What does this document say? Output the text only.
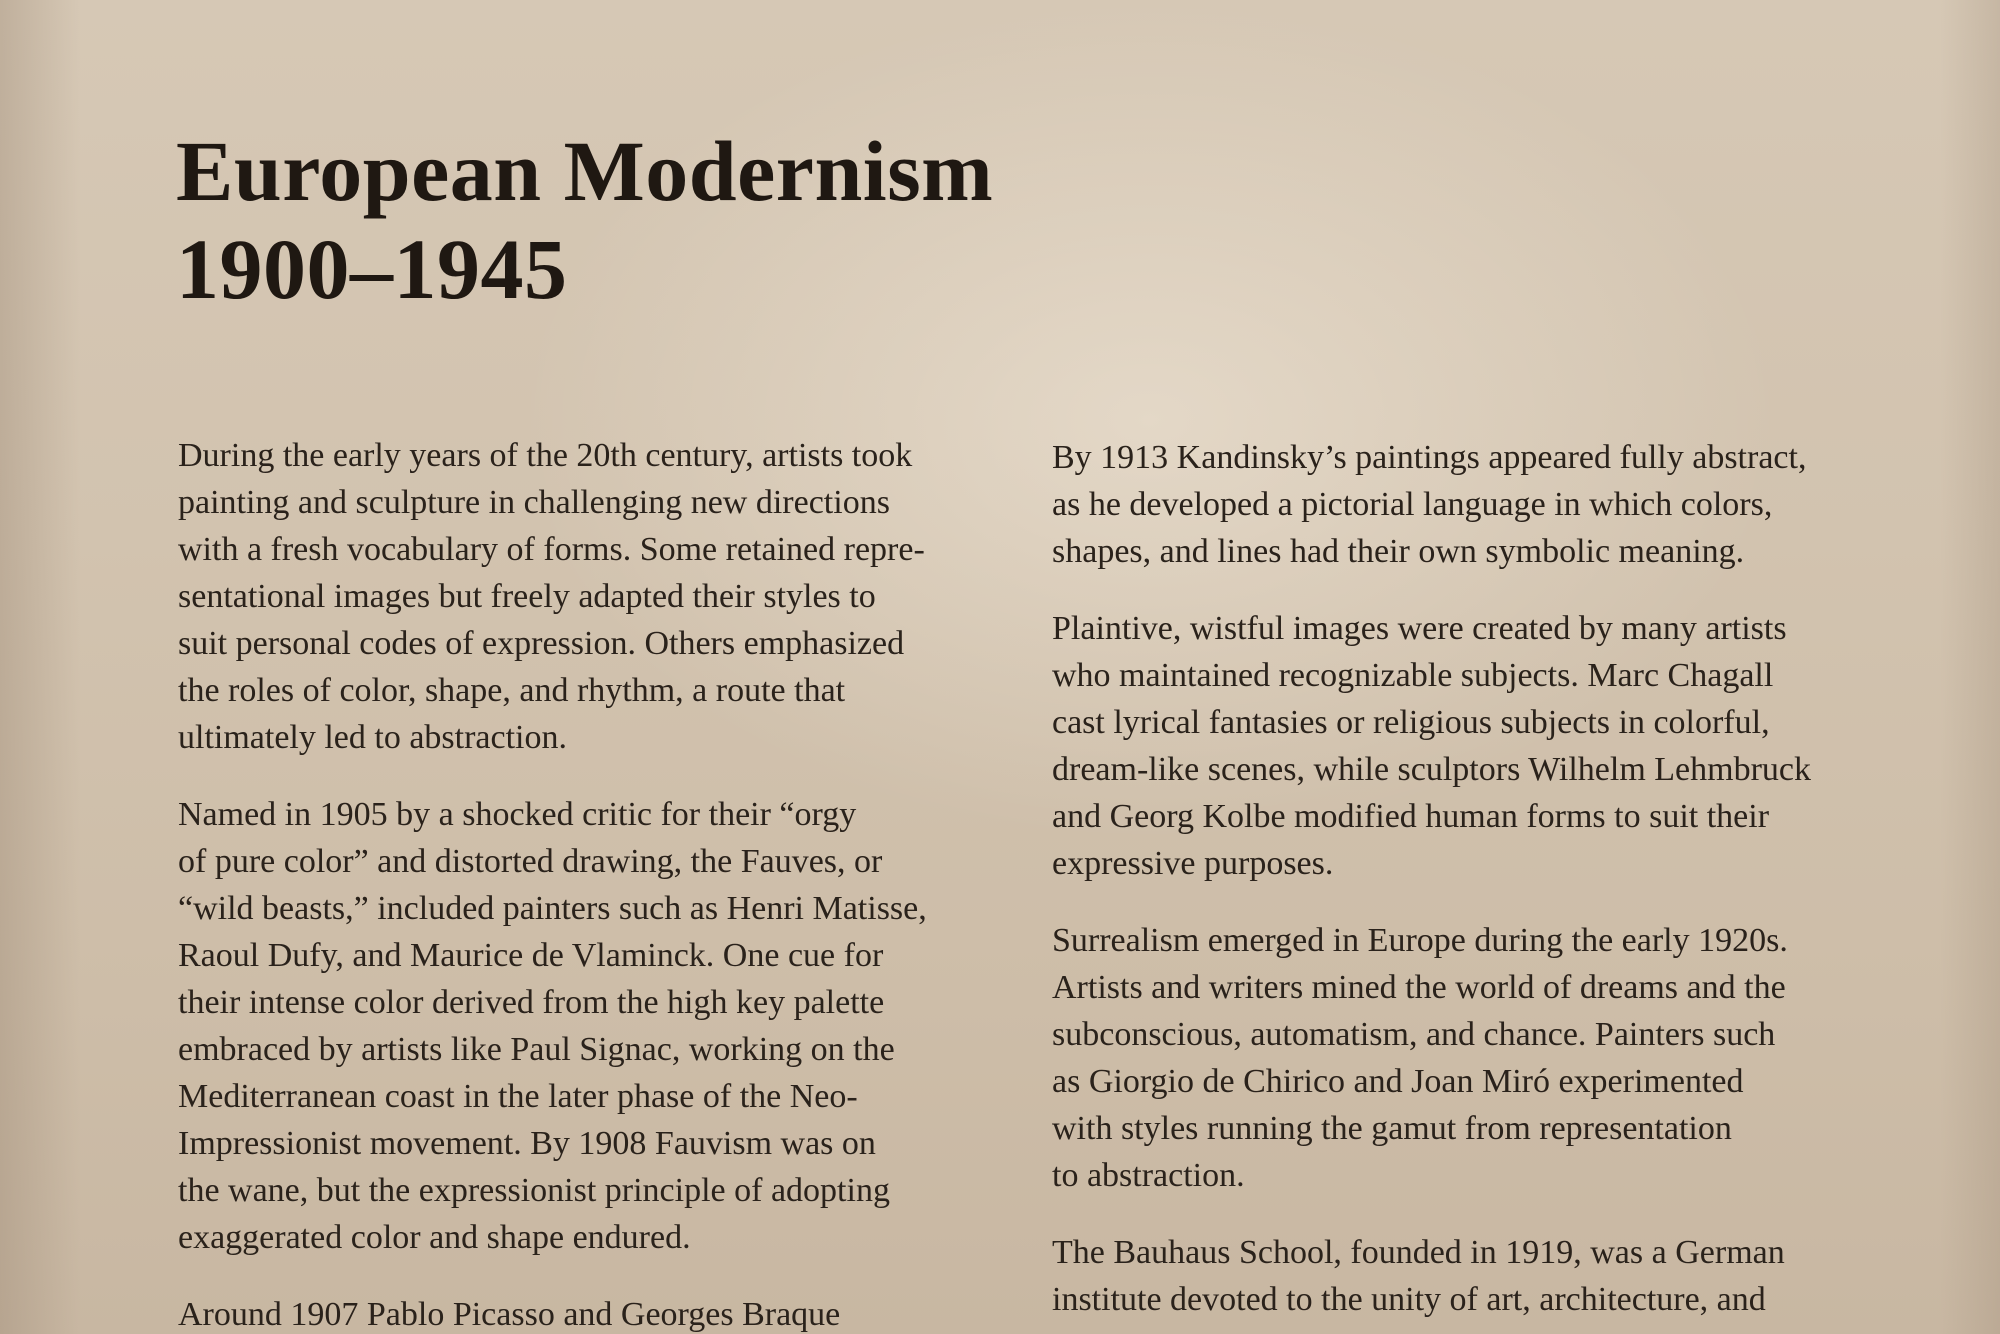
European Modernism
1900–1945

During the early years of the 20th century, artists took
painting and sculpture in challenging new directions
with a fresh vocabulary of forms. Some retained repre-
sentational images but freely adapted their styles to
suit personal codes of expression. Others emphasized
the roles of color, shape, and rhythm, a route that
ultimately led to abstraction.

Named in 1905 by a shocked critic for their “orgy
of pure color” and distorted drawing, the Fauves, or
“wild beasts,” included painters such as Henri Matisse,
Raoul Dufy, and Maurice de Vlaminck. One cue for
their intense color derived from the high key palette
embraced by artists like Paul Signac, working on the
Mediterranean coast in the later phase of the Neo-
Impressionist movement. By 1908 Fauvism was on
the wane, but the expressionist principle of adopting
exaggerated color and shape endured.

Around 1907 Pablo Picasso and Georges Braque

By 1913 Kandinsky’s paintings appeared fully abstract,
as he developed a pictorial language in which colors,
shapes, and lines had their own symbolic meaning.

Plaintive, wistful images were created by many artists
who maintained recognizable subjects. Marc Chagall
cast lyrical fantasies or religious subjects in colorful,
dream-like scenes, while sculptors Wilhelm Lehmbruck
and Georg Kolbe modified human forms to suit their
expressive purposes.

Surrealism emerged in Europe during the early 1920s.
Artists and writers mined the world of dreams and the
subconscious, automatism, and chance. Painters such
as Giorgio de Chirico and Joan Miró experimented
with styles running the gamut from representation
to abstraction.

The Bauhaus School, founded in 1919, was a German
institute devoted to the unity of art, architecture, and
